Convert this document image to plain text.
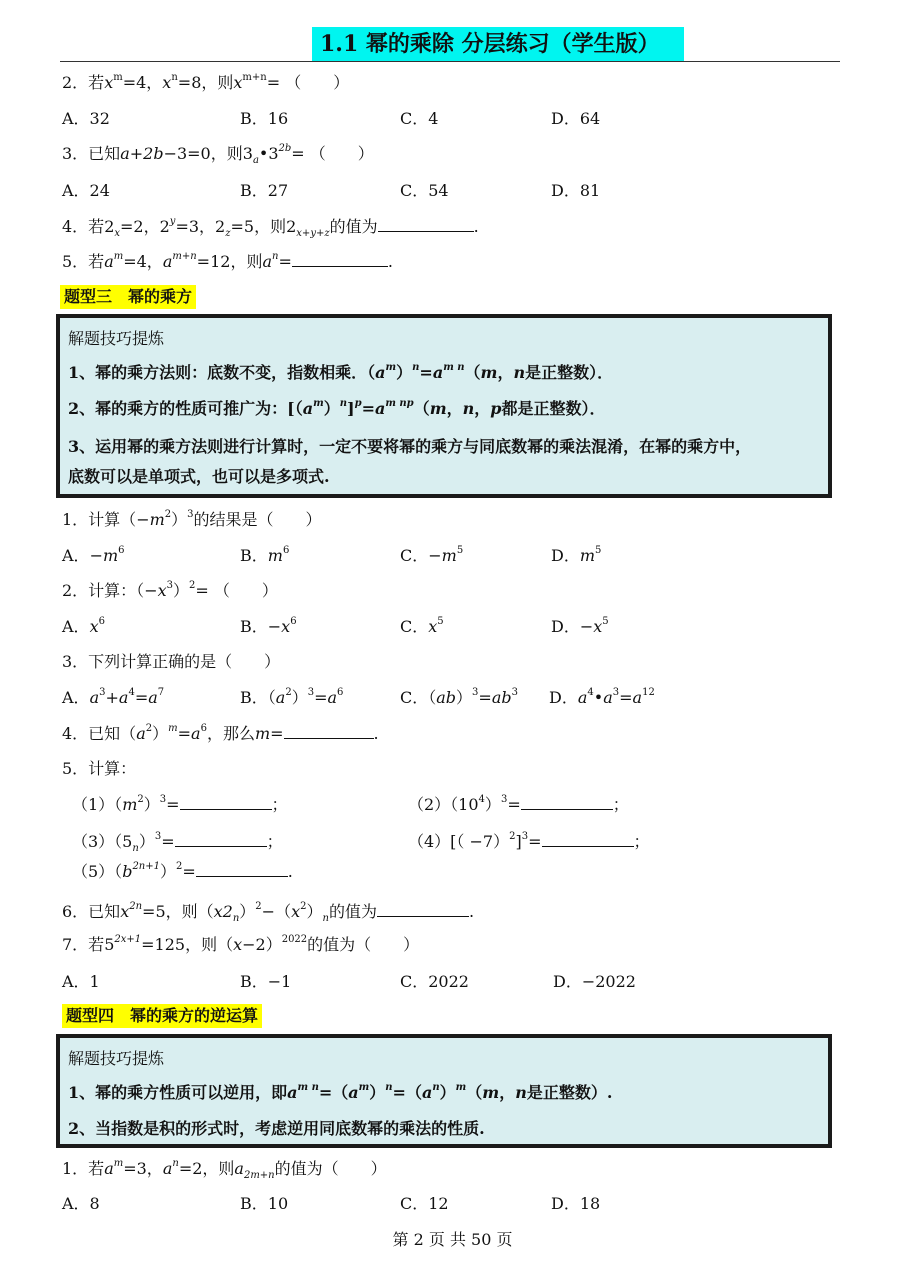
1.1 幂的乘除 分层练习（学生版）
2．若$x^m=4$，$x^n=8$，则$x^{m+n}=$ （　　）
A．32	B．16	C．4	D．64
3．已知a+2b−3=0，则$3_a•3^{2b}=$ （　　）
A．24	B．27	C．54	D．81
4．若$2_x=2$，$2^y=3$，$2_z=5$，则$2_{x+y+z}$的值为	.
5．若$a^m=4$，$a^{m+n}=12$，则$a^n=$	.
题型三　幂的乘方
解题技巧提炼
1、幂的乘方法则：底数不变，指数相乘．$(a^m)^n=a^{m n}(m$，n是正整数）．
2、幂的乘方的性质可推广为：$[(a^m)^n]^p=a^{m np}(m$，n，p都是正整数）．
3、运用幂的乘方法则进行计算时，一定不要将幂的乘方与同底数幂的乘法混淆，在幂的乘方中，
底数可以是单项式，也可以是多项式.
1．计算$(-m^2)^3$的结果是（　　）
A．$-m^6$	B．$m^6$	C．$-m^5$	D．$m^5$
2．计算：$(-x^3)^2=$ （　　）
A．$x^6$	B．$-x^6$	C．$x^5$	D．$-x^5$
3．下列计算正确的是（　　）
A．$a^3+a^4=a^7$	B．$(a^2)^3=a^6$	C．$(ab)^3=ab^3$ D．$a^4•a^3=a^{12}$
4．已知$(a^2)^m=a^6$，那么m=	.
5．计算：
$(1)(m^2)^3=$	；	$(2)(10^4)^3=$	；
$(3)(5_n)^3=$	；	$(4)[( -7)^2]^3=$	；
$(5)(b^{2n+1})^2=$	.
6．已知$x^{2n}=5$，则$(x2_n)^2-(x^2)_n$的值为	.
7．若$5^{2x+1}=125$，则$(x-2)^{2022}$的值为（　　）
A．1	B．−1	C．2022	D．−2022
题型四　幂的乘方的逆运算
解题技巧提炼
1、幂的乘方性质可以逆用，即$a^{m n}=(a^m)^n=(a^n)^m(m$，n是正整数）.
2、当指数是积的形式时，考虑逆用同底数幂的乘法的性质.
1．若$a^m=3$，$a^n=2$，则$a_{2m+n}$的值为（　　）
A．8	B．10	C．12	D．18
第 2 页 共 50 页
